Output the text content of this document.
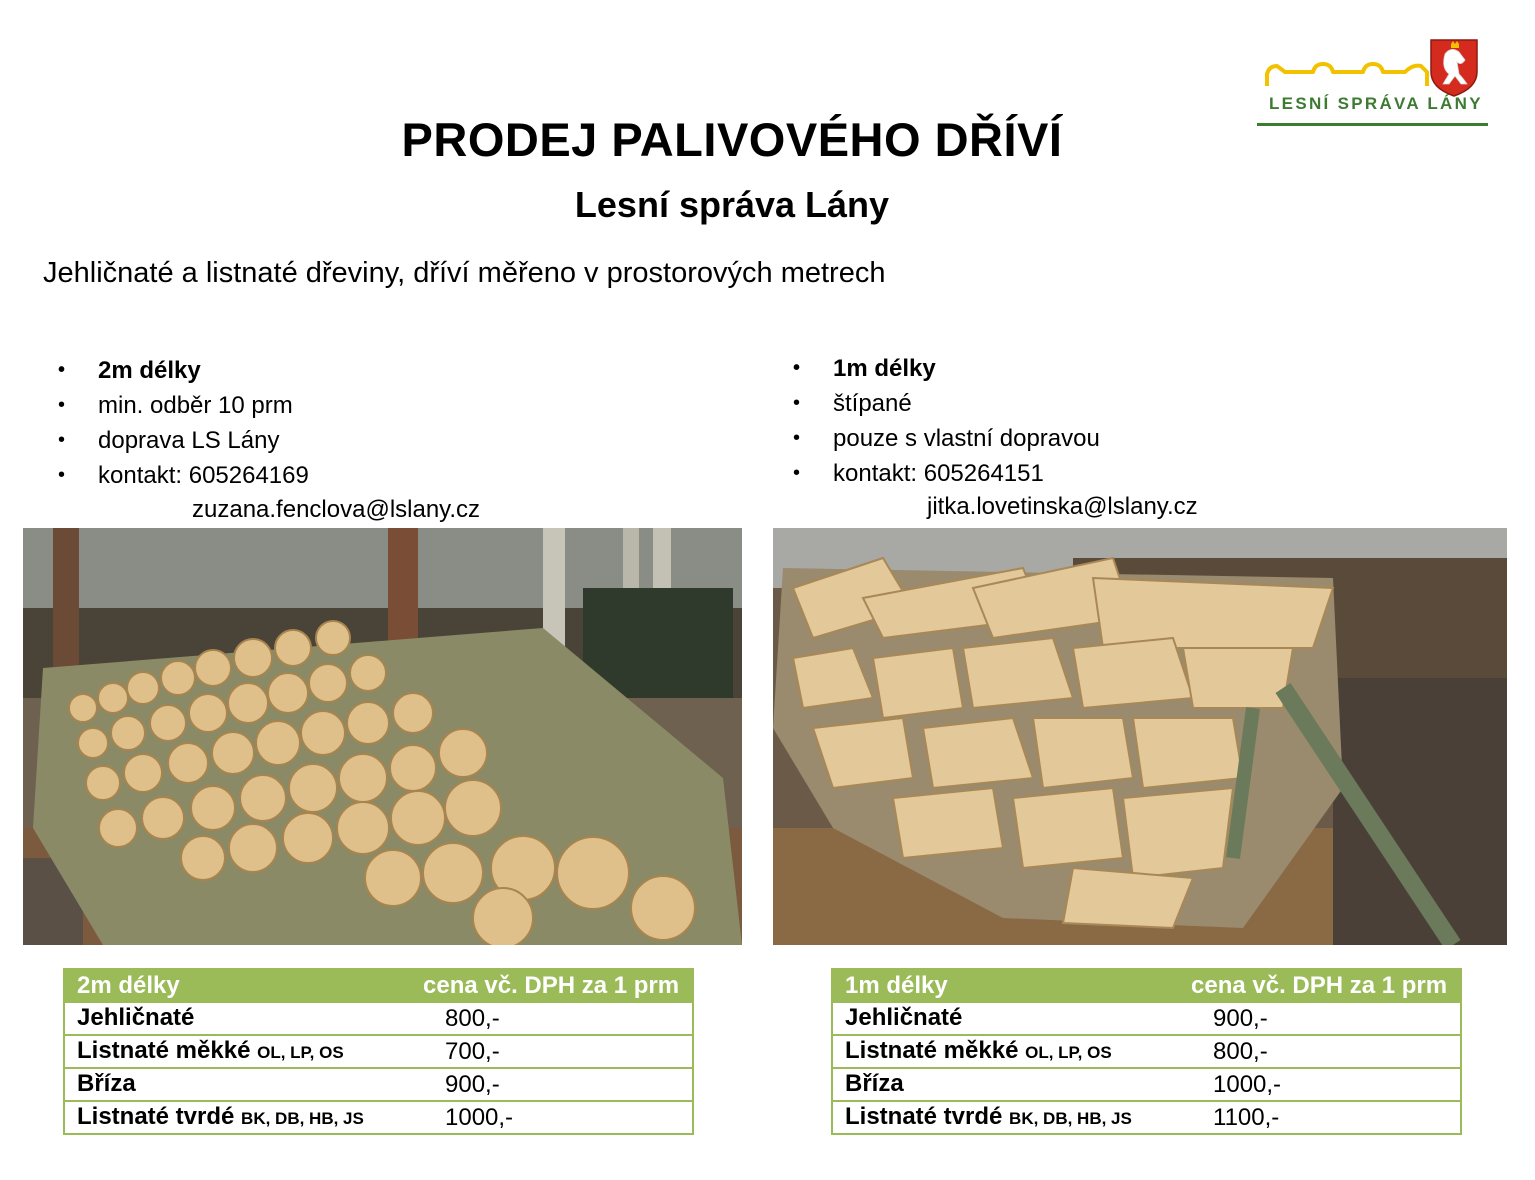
LESNÍ SPRÁVA LÁNY
PRODEJ PALIVOVÉHO DŘÍVÍ
Lesní správa Lány
Jehličnaté a listnaté dřeviny, dříví měřeno v prostorových metrech
• 2m délky
• min. odběr 10 prm
• doprava LS Lány
• kontakt: 605264169
zuzana.fenclova@lslany.cz
• 1m délky
• štípané
• pouze s vlastní dopravou
• kontakt: 605264151
jitka.lovetinska@lslany.cz
2m délky	cena vč. DPH za 1 prm
Jehličnaté	800,-
Listnaté měkké OL, LP, OS	700,-
Bříza	900,-
Listnaté tvrdé BK, DB, HB, JS	1000,-
1m délky	cena vč. DPH za 1 prm
Jehličnaté	900,-
Listnaté měkké OL, LP, OS	800,-
Bříza	1000,-
Listnaté tvrdé BK, DB, HB, JS	1100,-
